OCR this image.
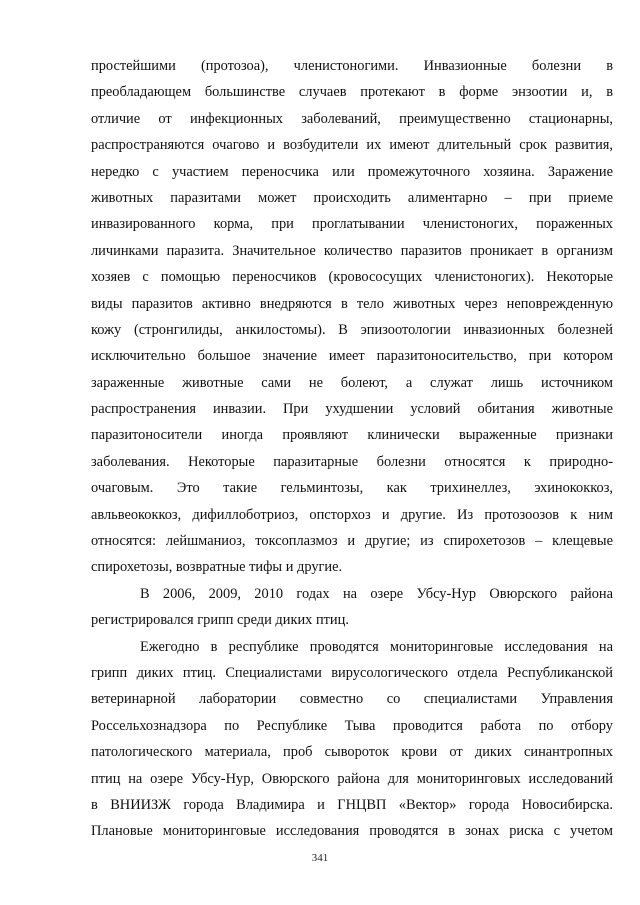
простейшими (протозоа), членистоногими. Инвазионные болезни в
преобладающем большинстве случаев протекают в форме энзоотии и, в
отличие от инфекционных заболеваний, преимущественно стационарны,
распространяются очагово и возбудители их имеют длительный срок развития,
нередко с участием переносчика или промежуточного хозяина. Заражение
животных паразитами может происходить алиментарно – при приеме
инвазированного корма, при проглатывании членистоногих, пораженных
личинками паразита. Значительное количество паразитов проникает в организм
хозяев с помощью переносчиков (кровососущих членистоногих). Некоторые
виды паразитов активно внедряются в тело животных через неповрежденную
кожу (стронгилиды, анкилостомы). В эпизоотологии инвазионных болезней
исключительно большое значение имеет паразитоносительство, при котором
зараженные животные сами не болеют, а служат лишь источником
распространения инвазии. При ухудшении условий обитания животные
паразитоносители иногда проявляют клинически выраженные признаки
заболевания. Некоторые паразитарные болезни относятся к природно-
очаговым. Это такие гельминтозы, как трихинеллез, эхинококкоз,
авльвеококкоз, дифиллоботриоз, опсторхоз и другие. Из протозоозов к ним
относятся: лейшманиоз, токсоплазмоз и другие; из спирохетозов – клещевые
спирохетозы, возвратные тифы и другие.
В 2006, 2009, 2010 годах на озере Убсу-Нур Овюрского района
регистрировался грипп среди диких птиц.
Ежегодно в республике проводятся мониторинговые исследования на
грипп диких птиц. Специалистами вирусологического отдела Республиканской
ветеринарной лаборатории совместно со специалистами Управления
Россельхознадзора по Республике Тыва проводится работа по отбору
патологического материала, проб сывороток крови от диких синантропных
птиц на озере Убсу-Нур, Овюрского района для мониторинговых исследований
в ВНИИЗЖ города Владимира и ГНЦВП «Вектор» города Новосибирска.
Плановые мониторинговые исследования проводятся в зонах риска с учетом
341
